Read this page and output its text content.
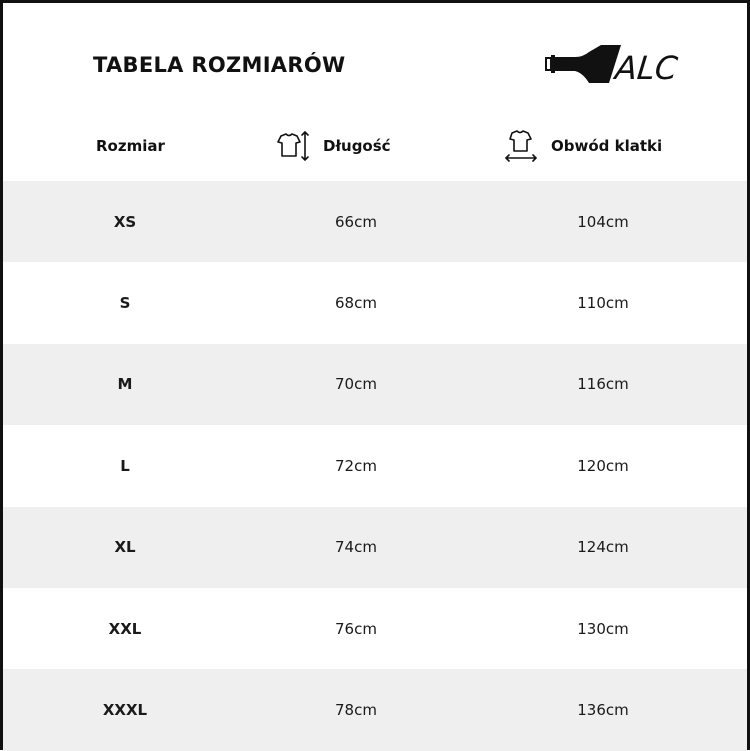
TABELA ROZMIARÓW	ALC
Rozmiar	Długość	Obwód klatki
XS	66cm	104cm
S	68cm	110cm
M	70cm	116cm
L	72cm	120cm
XL	74cm	124cm
XXL	76cm	130cm
XXXL	78cm	136cm
